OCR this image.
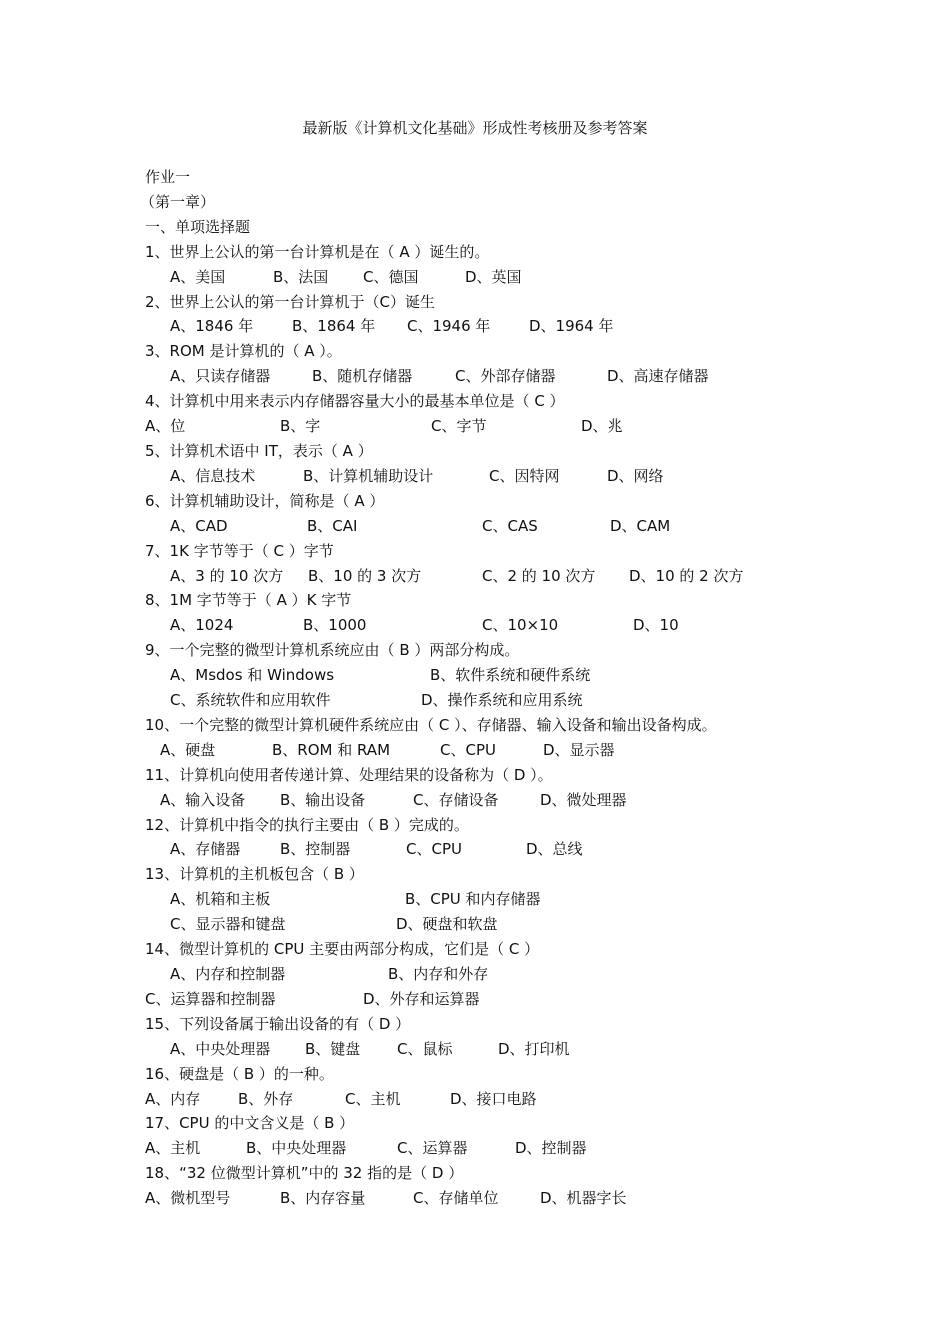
最新版《计算机文化基础》形成性考核册及参考答案
作业一
（第一章）
一、单项选择题
1、世界上公认的第一台计算机是在（ A ）诞生的。
A、美国	B、法国 C、德国	D、英国
2、世界上公认的第一台计算机于（C）诞生
A、1846 年	B、1864 年 C、1946 年	D、1964 年
3、ROM 是计算机的（ A ）。
A、只读存储器	B、随机存储器	C、外部存储器	D、高速存储器
4、计算机中用来表示内存储器容量大小的最基本单位是（ C ）
A、位	B、字	C、字节	D、兆
5、计算机术语中 IT，表示（ A ）
A、信息技术	B、计算机辅助设计	C、因特网	D、网络
6、计算机辅助设计，简称是（ A ）
A、CAD	B、CAI	C、CAS	D、CAM
7、1K 字节等于（ C ）字节
A、3 的 10 次方 B、10 的 3 次方	C、2 的 10 次方 D、10 的 2 次方
8、1M 字节等于（ A ）K 字节
A、1024	B、1000	C、10×10	D、10
9、一个完整的微型计算机系统应由（ B ）两部分构成。
A、Msdos 和 Windows	B、软件系统和硬件系统
C、系统软件和应用软件	D、操作系统和应用系统
10、一个完整的微型计算机硬件系统应由（ C ）、存储器、输入设备和输出设备构成。
A、硬盘	B、ROM 和 RAM	C、CPU	D、显示器
11、计算机向使用者传递计算、处理结果的设备称为（ D ）。
A、输入设备 B、输出设备	C、存储设备	D、微处理器
12、计算机中指令的执行主要由（ B ）完成的。
A、存储器	B、控制器	C、CPU	D、总线
13、计算机的主机板包含（ B ）
A、机箱和主板	B、CPU 和内存储器
C、显示器和键盘	D、硬盘和软盘
14、微型计算机的 CPU 主要由两部分构成，它们是（ C ）
A、内存和控制器	B、内存和外存
C、运算器和控制器	D、外存和运算器
15、下列设备属于输出设备的有（ D ）
A、中央处理器 B、键盘 C、鼠标	D、打印机
16、硬盘是（ B ）的一种。
A、内存	B、外存	C、主机	D、接口电路
17、CPU 的中文含义是（ B ）
A、主机	B、中央处理器	C、运算器	D、控制器
18、“32 位微型计算机”中的 32 指的是（ D ）
A、微机型号	B、内存容量	C、存储单位	D、机器字长
